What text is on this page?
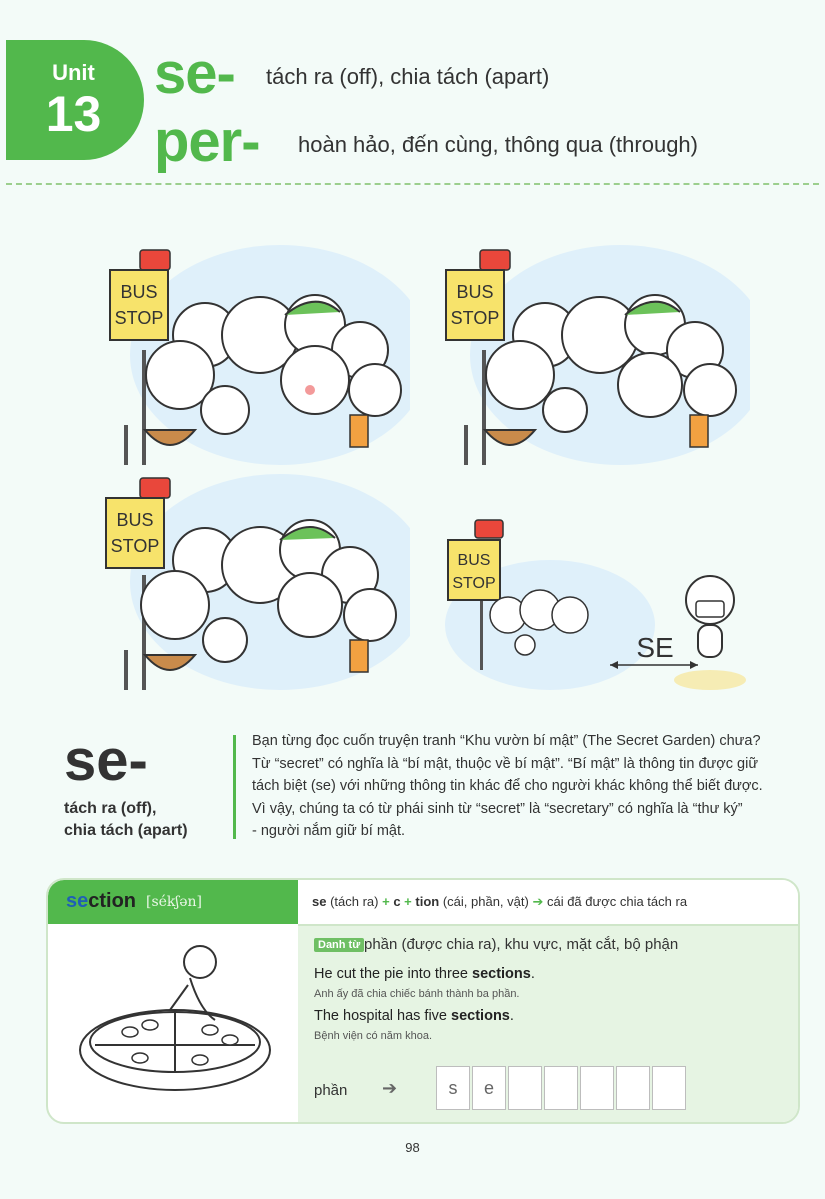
Unit
13
se- tách ra (off), chia tách (apart)
per- hoàn hảo, đến cùng, thông qua (through)
BUS
STOP
BUS
STOP
BUS
STOP
BUS
STOP
SE
se-
tách ra (off),
chia tách (apart)
Bạn từng đọc cuốn truyện tranh “Khu vườn bí mật” (The Secret Garden) chưa?
Từ “secret” có nghĩa là “bí mật, thuộc về bí mật”. “Bí mật” là thông tin được giữ
tách biệt (se) với những thông tin khác để cho người khác không thể biết được.
Vì vậy, chúng ta có từ phái sinh từ “secret” là “secretary” có nghĩa là “thư ký”
- người nắm giữ bí mật.
section [sékʃən]	se (tách ra) + c + tion (cái, phần, vật) ➔ cái đã được chia tách ra
Danh từ phần (được chia ra), khu vực, mặt cắt, bộ phận
He cut the pie into three sections.
Anh ấy đã chia chiếc bánh thành ba phần.
The hospital has five sections.
Bệnh viện có năm khoa.
phần ➔	s	e
98
